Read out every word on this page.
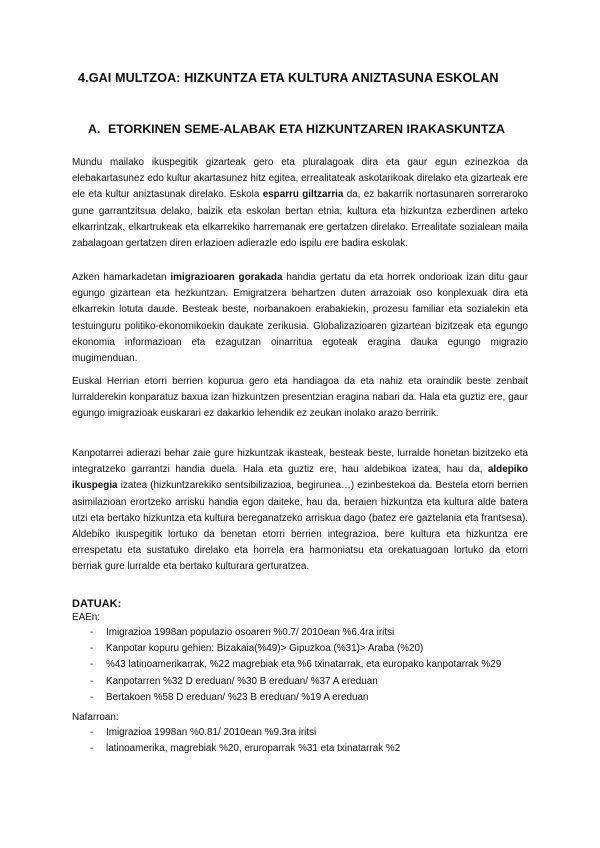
4.GAI MULTZOA: HIZKUNTZA ETA KULTURA ANIZTASUNA ESKOLAN
A. ETORKINEN SEME-ALABAK ETA HIZKUNTZAREN IRAKASKUNTZA
Mundu mailako ikuspegitik gizarteak gero eta pluralagoak dira eta gaur egun ezinezkoa da elebakartasunez edo kultur akartasunez hitz egitea, errealitateak askotarikoak direlako eta gizarteak ere ele eta kultur aniztasunak direlako. Eskola esparru giltzarria da, ez bakarrik nortasunaren sorreraroko gune garrantzitsua delako, baizik eta eskolan bertan etnia, kultura eta hizkuntza ezberdinen arteko elkarrintzak, elkartrukeak eta elkarrekiko harremanak ere gertatzen direlako. Errealitate sozialean maila zabalagoan gertatzen diren erlazioen adierazle edo ispilu ere badira eskolak.
Azken hamarkadetan imigrazioaren gorakada handia gertatu da eta horrek ondorioak izan ditu gaur egungo gizartean eta hezkuntzan. Emigratzera behartzen duten arrazoiak oso konplexuak dira eta elkarrekin lotuta daude. Besteak beste, norbanakoen erabakiekin, prozesu familiar eta sozialekin eta testuinguru politiko-ekonomikoekin daukate zerikusia. Globalizazioaren gizartean bizitzeak eta egungo ekonomia informazioan eta ezagutzan oinarritua egoteak eragina dauka egungo migrazio mugimenduan.
Euskal Herrian etorri berrien kopurua gero eta handiagoa da eta nahiz eta oraindik beste zenbait lurralderekin konparatuz baxua izan hizkuntzen presentzian eragina nabari da. Hala eta guztiz ere, gaur egungo imigrazioak euskarari ez dakarkio lehendik ez zeukan inolako arazo berririk.
Kanpotarrei adierazi behar zaie gure hizkuntzak ikasteak, besteak beste, lurralde honetan bizitzeko eta integratzeko garrantzi handia duela. Hala eta guztiz ere, hau aldebikoa izatea, hau da, aldepiko ikuspegia izatea (hizkuntzarekiko sentsibilizazioa, begirunea…) ezinbestekoa da. Bestela etorri berrien asimilazioan erortzeko arrisku handia egon daiteke, hau da, beraien hizkuntza eta kultura alde batera utzi eta bertako hizkuntza eta kultura bereganatzeko arriskua dago (batez ere gaztelania eta frantsesa). Aldebiko ikuspegitik lortuko da benetan etorri berrien integrazioa, bere kultura eta hizkuntza ere errespetatu eta sustatuko direlako eta horrela era harmoniatsu eta orekatuagoan lortuko da etorri berriak gure lurralde eta bertako kulturara gerturatzea.
DATUAK:
EAEn:
- Imigrazioa 1998an populazio osoaren %0.7/ 2010ean %6.4ra iritsi
- Kanpotar kopuru gehien: Bizakaia(%49)> Gipuzkoa (%31)> Araba (%20)
- %43 latinoamerikarrak, %22 magrebiak eta %6 txinatarrak, eta europako kanpotarrak %29
- Kanpotarren %32 D ereduan/ %30 B ereduan/ %37 A ereduan
- Bertakoen %58 D ereduan/ %23 B ereduan/ %19 A ereduan
Nafarroan:
- Imigrazioa 1998an %0.81/ 2010ean %9.3ra iritsi
- latinoamerika, magrebiak %20, eruroparrak %31 eta txinatarrak %2
